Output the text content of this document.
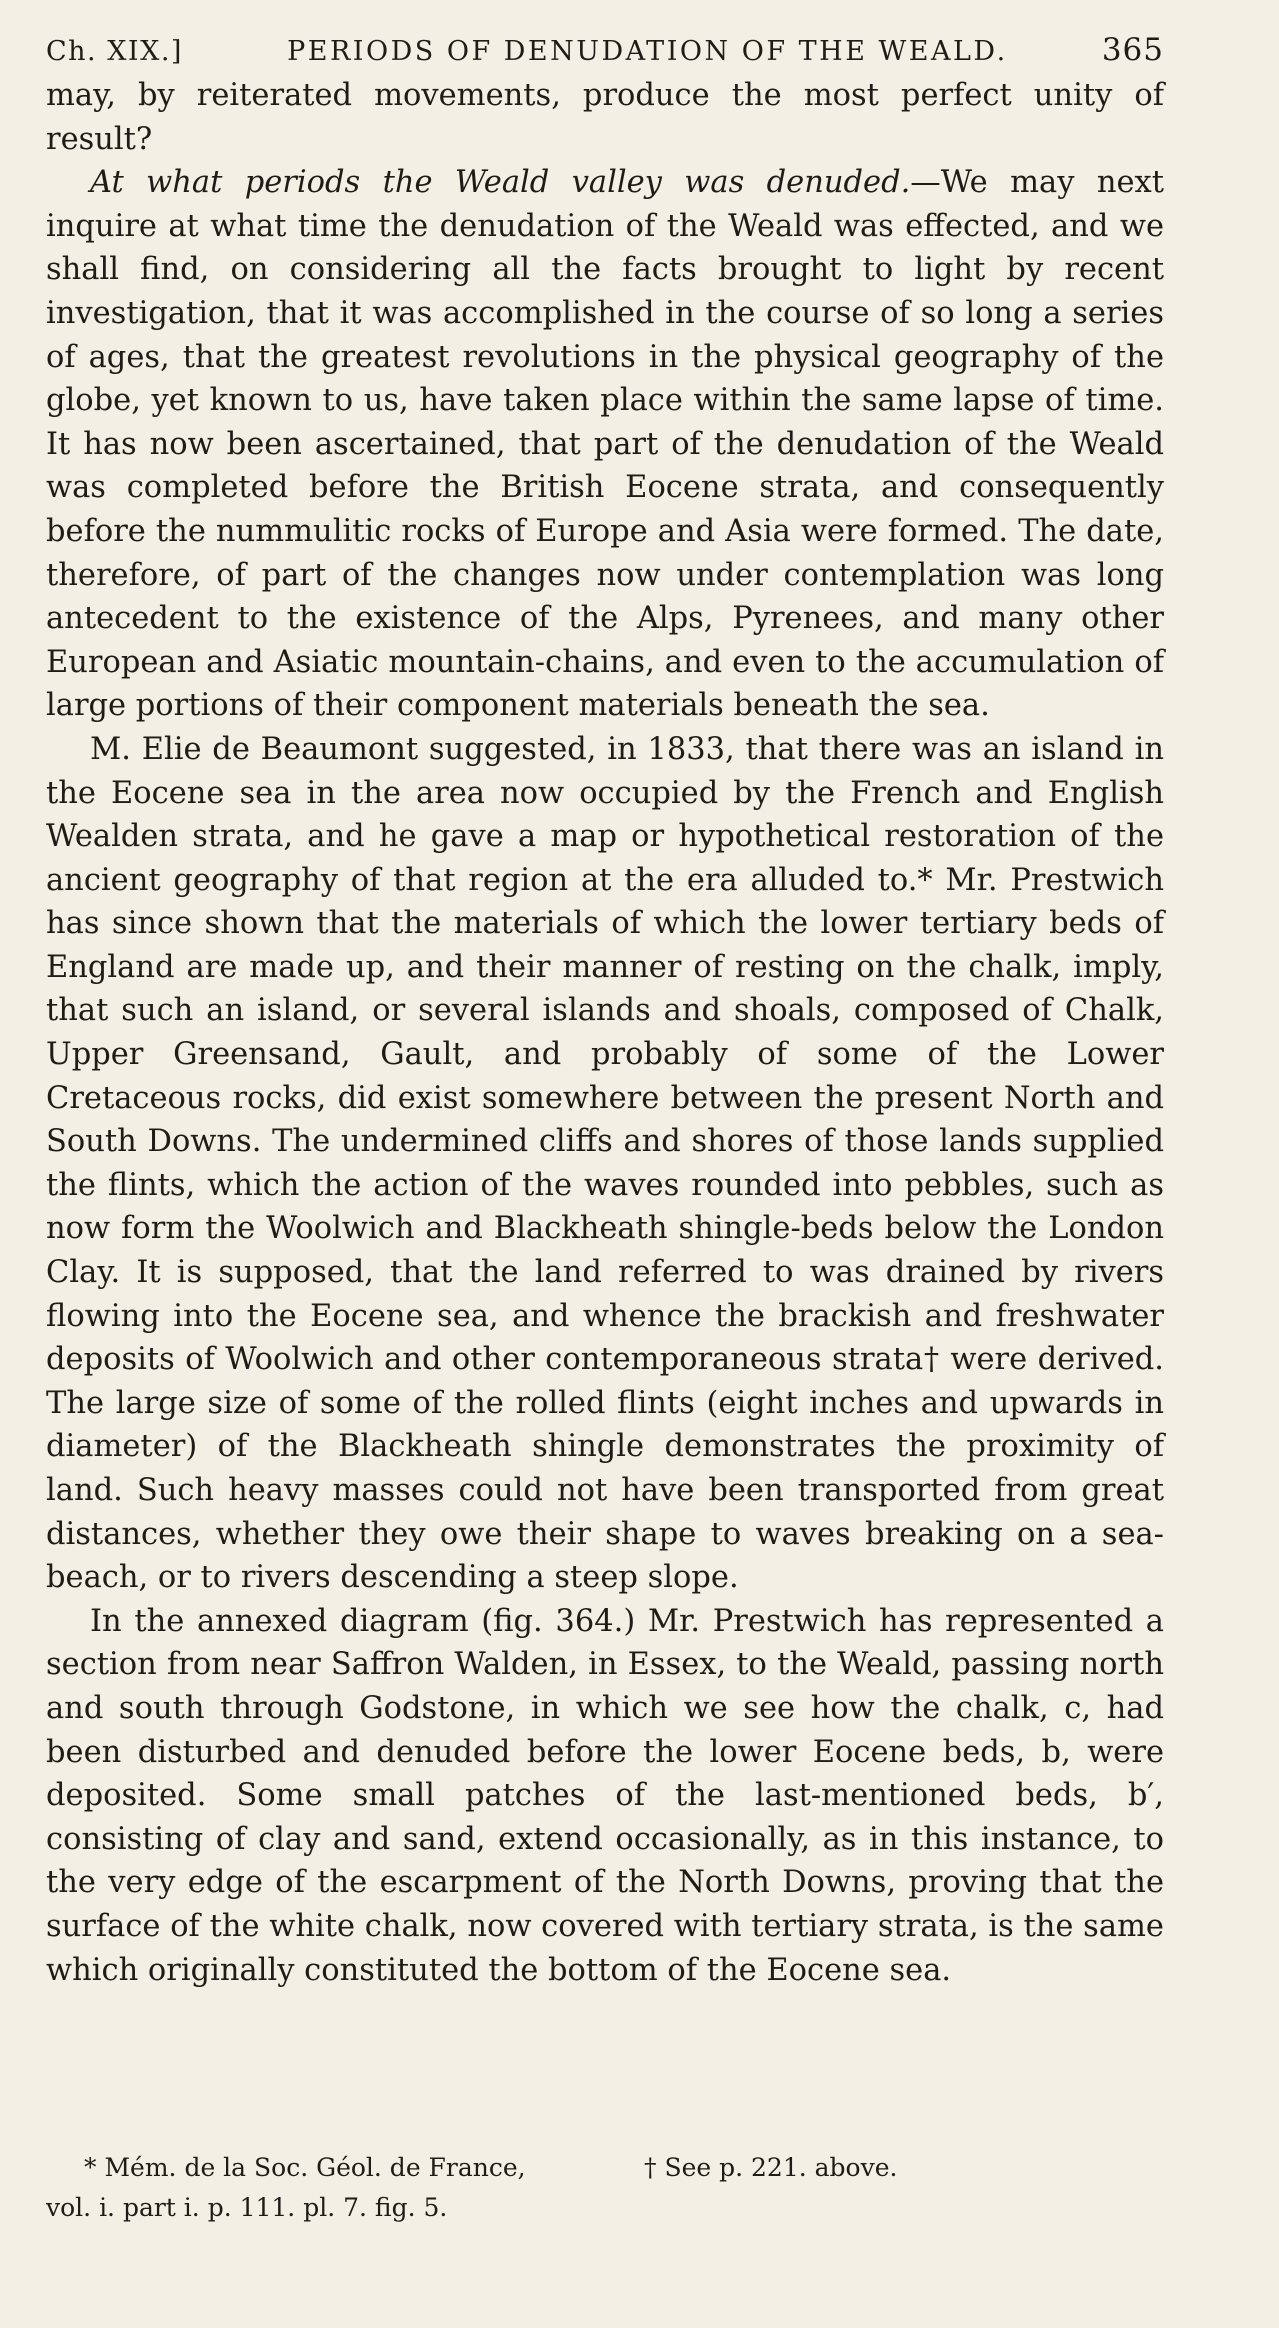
Ch. XIX.]	PERIODS OF DENUDATION OF THE WEALD.	365

may, by reiterated movements, produce the most perfect unity of result?

At what periods the Weald valley was denuded.—We may next inquire at what time the denudation of the Weald was effected, and we shall find, on considering all the facts brought to light by recent investigation, that it was accomplished in the course of so long a series of ages, that the greatest revolutions in the physical geography of the globe, yet known to us, have taken place within the same lapse of time. It has now been ascertained, that part of the denudation of the Weald was completed before the British Eocene strata, and consequently before the nummulitic rocks of Europe and Asia were formed. The date, therefore, of part of the changes now under contemplation was long antecedent to the existence of the Alps, Pyrenees, and many other European and Asiatic mountain-chains, and even to the accumulation of large portions of their component materials beneath the sea.

M. Elie de Beaumont suggested, in 1833, that there was an island in the Eocene sea in the area now occupied by the French and English Wealden strata, and he gave a map or hypothetical restoration of the ancient geography of that region at the era alluded to.* Mr. Prestwich has since shown that the materials of which the lower tertiary beds of England are made up, and their manner of resting on the chalk, imply, that such an island, or several islands and shoals, composed of Chalk, Upper Greensand, Gault, and probably of some of the Lower Cretaceous rocks, did exist somewhere between the present North and South Downs. The undermined cliffs and shores of those lands supplied the flints, which the action of the waves rounded into pebbles, such as now form the Woolwich and Blackheath shingle-beds below the London Clay. It is supposed, that the land referred to was drained by rivers flowing into the Eocene sea, and whence the brackish and freshwater deposits of Woolwich and other contemporaneous strata† were derived. The large size of some of the rolled flints (eight inches and upwards in diameter) of the Blackheath shingle demonstrates the proximity of land. Such heavy masses could not have been transported from great distances, whether they owe their shape to waves breaking on a sea-beach, or to rivers descending a steep slope.

In the annexed diagram (fig. 364.) Mr. Prestwich has represented a section from near Saffron Walden, in Essex, to the Weald, passing north and south through Godstone, in which we see how the chalk, c, had been disturbed and denuded before the lower Eocene beds, b, were deposited. Some small patches of the last-mentioned beds, b′, consisting of clay and sand, extend occasionally, as in this instance, to the very edge of the escarpment of the North Downs, proving that the surface of the white chalk, now covered with tertiary strata, is the same which originally constituted the bottom of the Eocene sea.

* Mém. de la Soc. Géol. de France,
vol. i. part i. p. 111. pl. 7. fig. 5.
† See p. 221. above.
